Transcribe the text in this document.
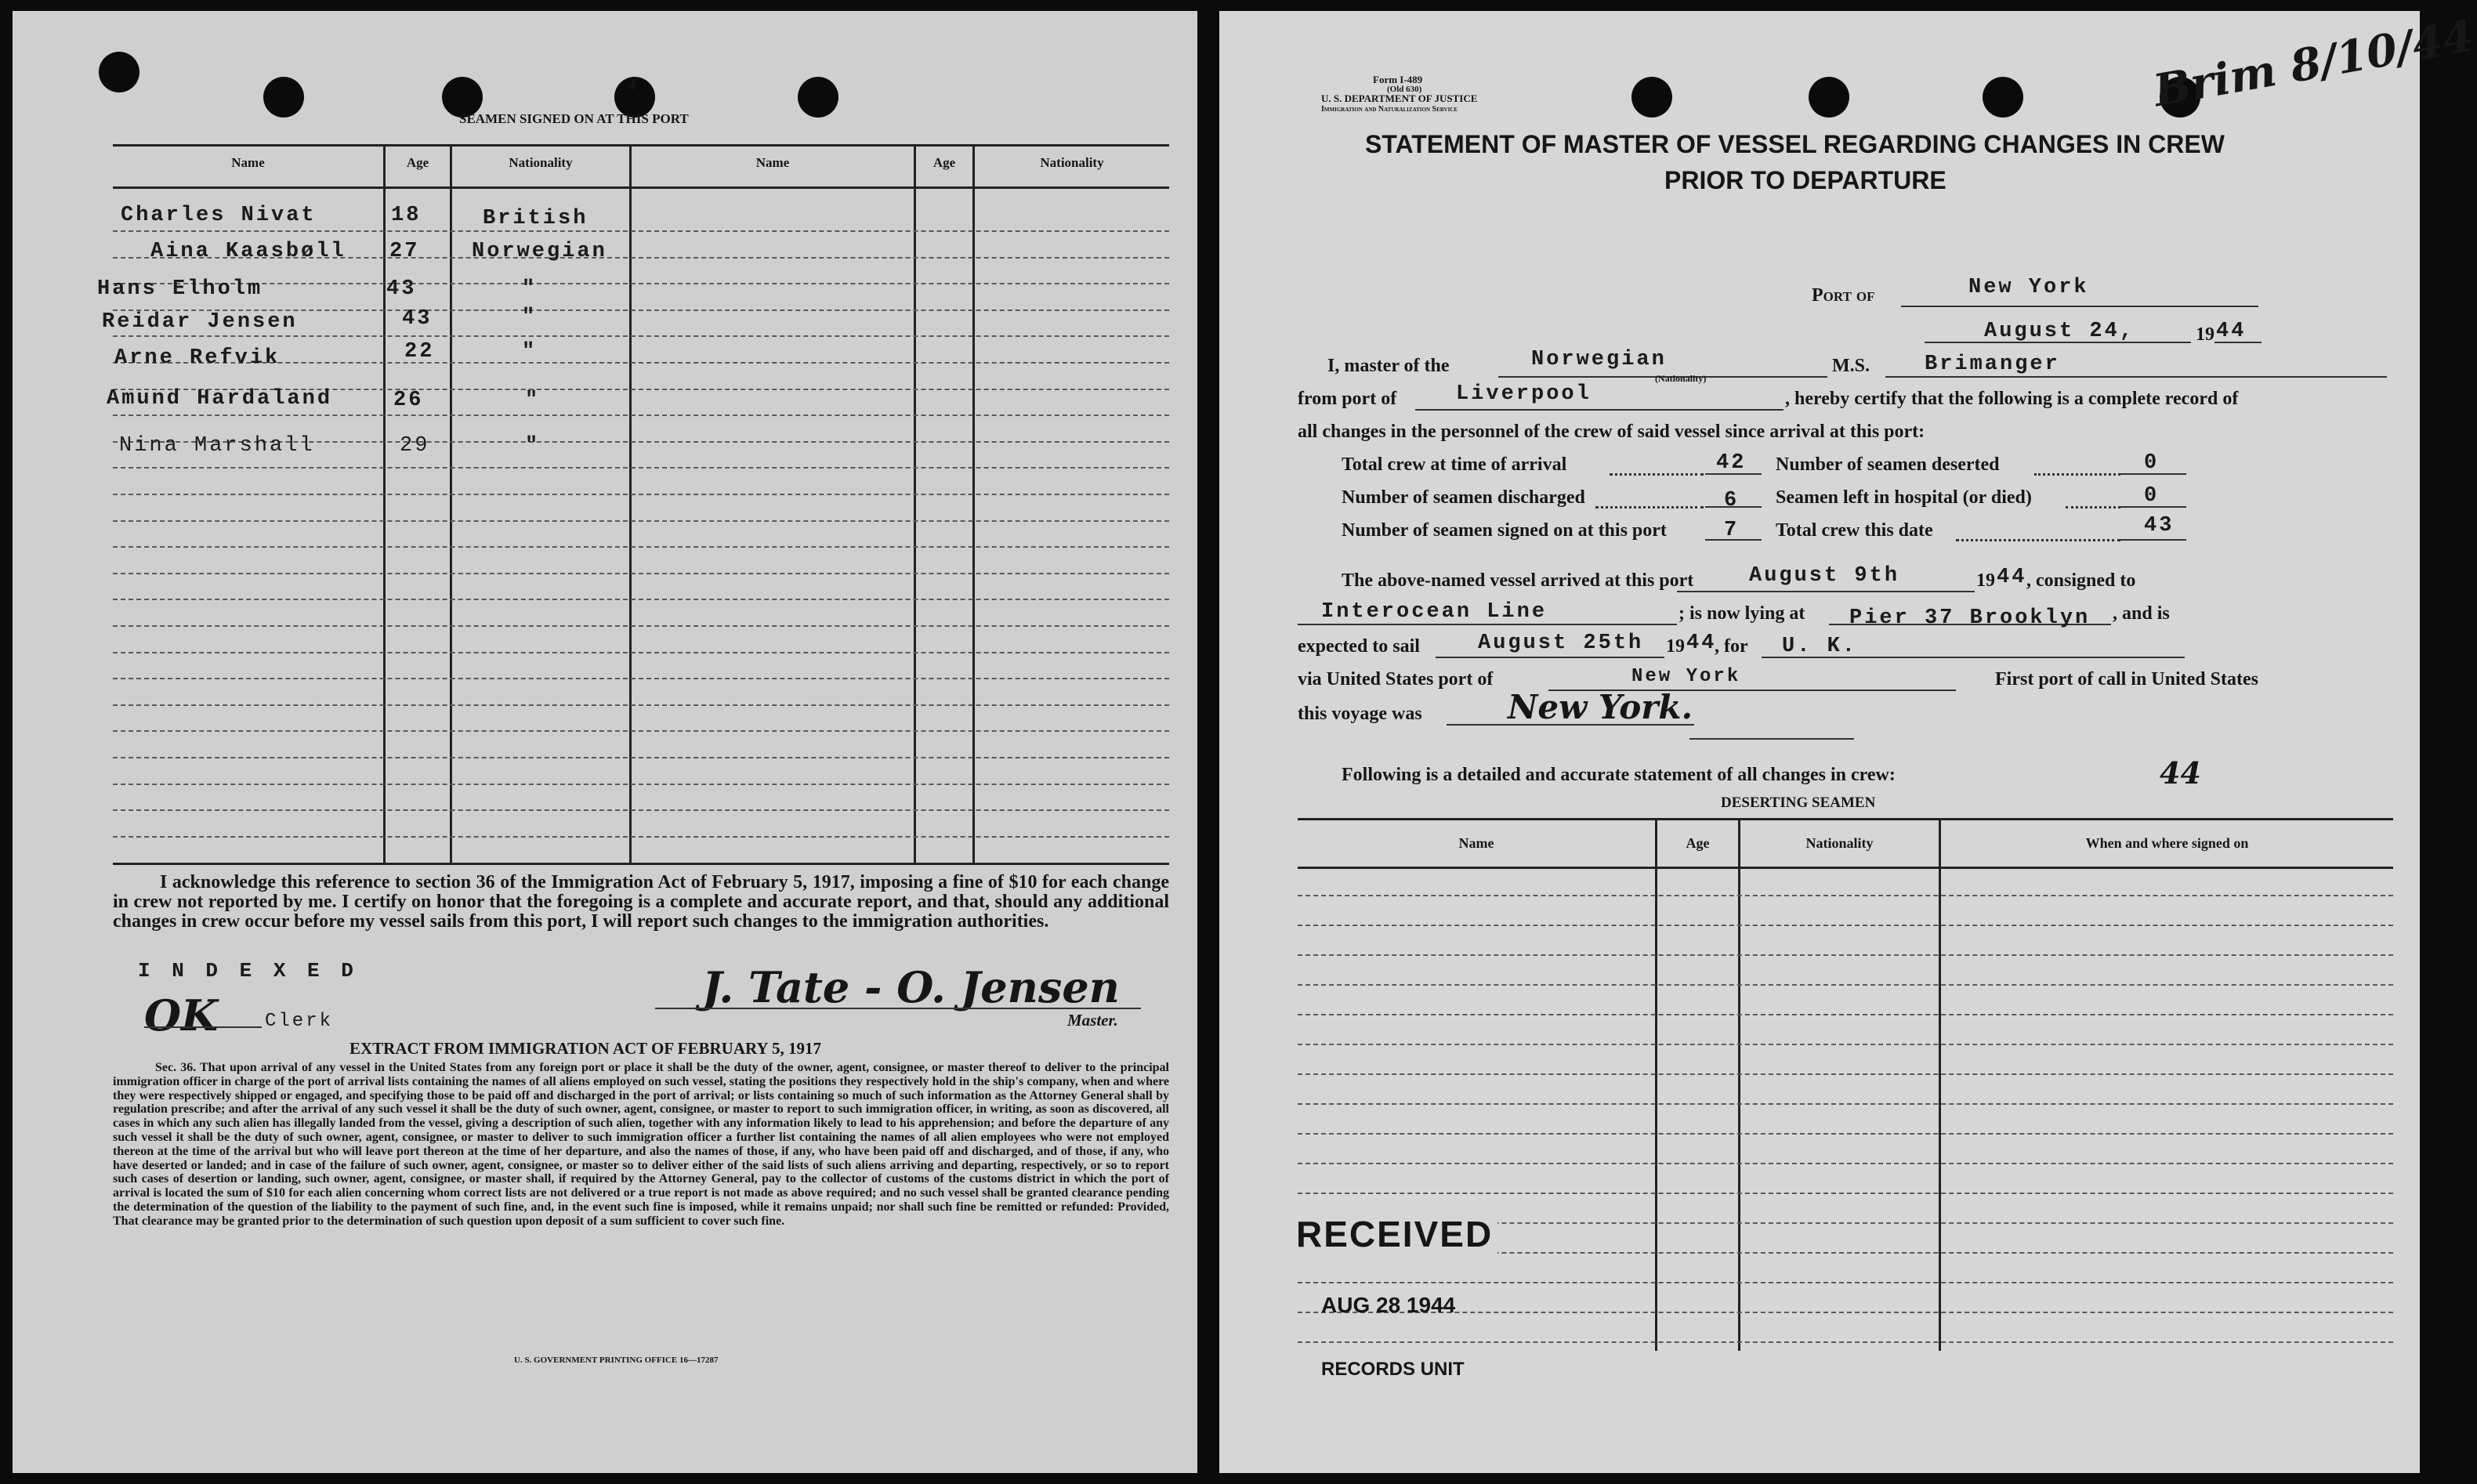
4
SEAMEN SIGNED ON AT THIS PORT
Name	Age	Nationality	Name	Age	Nationality
Charles Nivat	18	British
Aina Kaasbøll 27 Norwegian
Hans Elholm	43	"
Reidar Jensen	43	"
Arne Refvik	22	"
Amund Hardaland	26	"
Nina Marshall	29	"
I acknowledge this reference to section 36 of the Immigration Act of February 5, 1917, imposing a fine of $10 for each change in crew not reported by me. I certify on honor that the foregoing is a complete and accurate report, and that, should any additional changes in crew occur before my vessel sails from this port, I will report such changes to the immigration authorities.
I N D E X E D
OK	Clerk
J. Tate - O. Jensen
Master.
EXTRACT FROM IMMIGRATION ACT OF FEBRUARY 5, 1917
Sec. 36. That upon arrival of any vessel in the United States from any foreign port or place it shall be the duty of the owner, agent, consignee, or master thereof to deliver to the principal immigration officer in charge of the port of arrival lists containing the names of all aliens employed on such vessel, stating the positions they respectively hold in the ship's company, when and where they were respectively shipped or engaged, and specifying those to be paid off and discharged in the port of arrival; or lists containing so much of such information as the Attorney General shall by regulation prescribe; and after the arrival of any such vessel it shall be the duty of such owner, agent, consignee, or master to report to such immigration officer, in writing, as soon as discovered, all cases in which any such alien has illegally landed from the vessel, giving a description of such alien, together with any information likely to lead to his apprehension; and before the departure of any such vessel it shall be the duty of such owner, agent, consignee, or master to deliver to such immigration officer a further list containing the names of all alien employees who were not employed thereon at the time of the arrival but who will leave port thereon at the time of her departure, and also the names of those, if any, who have been paid off and discharged, and of those, if any, who have deserted or landed; and in case of the failure of such owner, agent, consignee, or master so to deliver either of the said lists of such aliens arriving and departing, respectively, or so to report such cases of desertion or landing, such owner, agent, consignee, or master shall, if required by the Attorney General, pay to the collector of customs of the customs district in which the port of arrival is located the sum of $10 for each alien concerning whom correct lists are not delivered or a true report is not made as above required; and no such vessel shall be granted clearance pending the determination of the question of the liability to the payment of such fine, and, in the event such fine is imposed, while it remains unpaid; nor shall such fine be remitted or refunded: Provided, That clearance may be granted prior to the determination of such question upon deposit of a sum sufficient to cover such fine.
U. S. GOVERNMENT PRINTING OFFICE 16—17287
Form I-489
(Old 630)
U. S. DEPARTMENT OF JUSTICE
Immigration and Naturalization Service	Brim 8/10/44
STATEMENT OF MASTER OF VESSEL REGARDING CHANGES IN CREW
PRIOR TO DEPARTURE
Port of	New York
August 24,	19 44
I, master of the	Norwegian
(Nationality)
M.S.	Brimanger
from port of	Liverpool	, hereby certify that the following is a complete record of
all changes in the personnel of the crew of said vessel since arrival at this port:
Total crew at time of arrival	42 Number of seamen deserted	0
Number of seamen discharged	6 Seamen left in hospital (or died)	0
Number of seamen signed on at this port	7 Total crew this date	43
The above-named vessel arrived at this port	August 9th	19 44 , consigned to
Interocean Line	; is now lying at Pier 37 Brooklyn , and is
expected to sail	August 25th 19 44
, for U. K.
via United States port of	New York	First port of call in United States
this voyage was	New York.
Following is a detailed and accurate statement of all changes in crew:	44
DESERTING SEAMEN
Name	Age	Nationality	When and where signed on
RECEIVED
AUG 28 1944
RECORDS UNIT
